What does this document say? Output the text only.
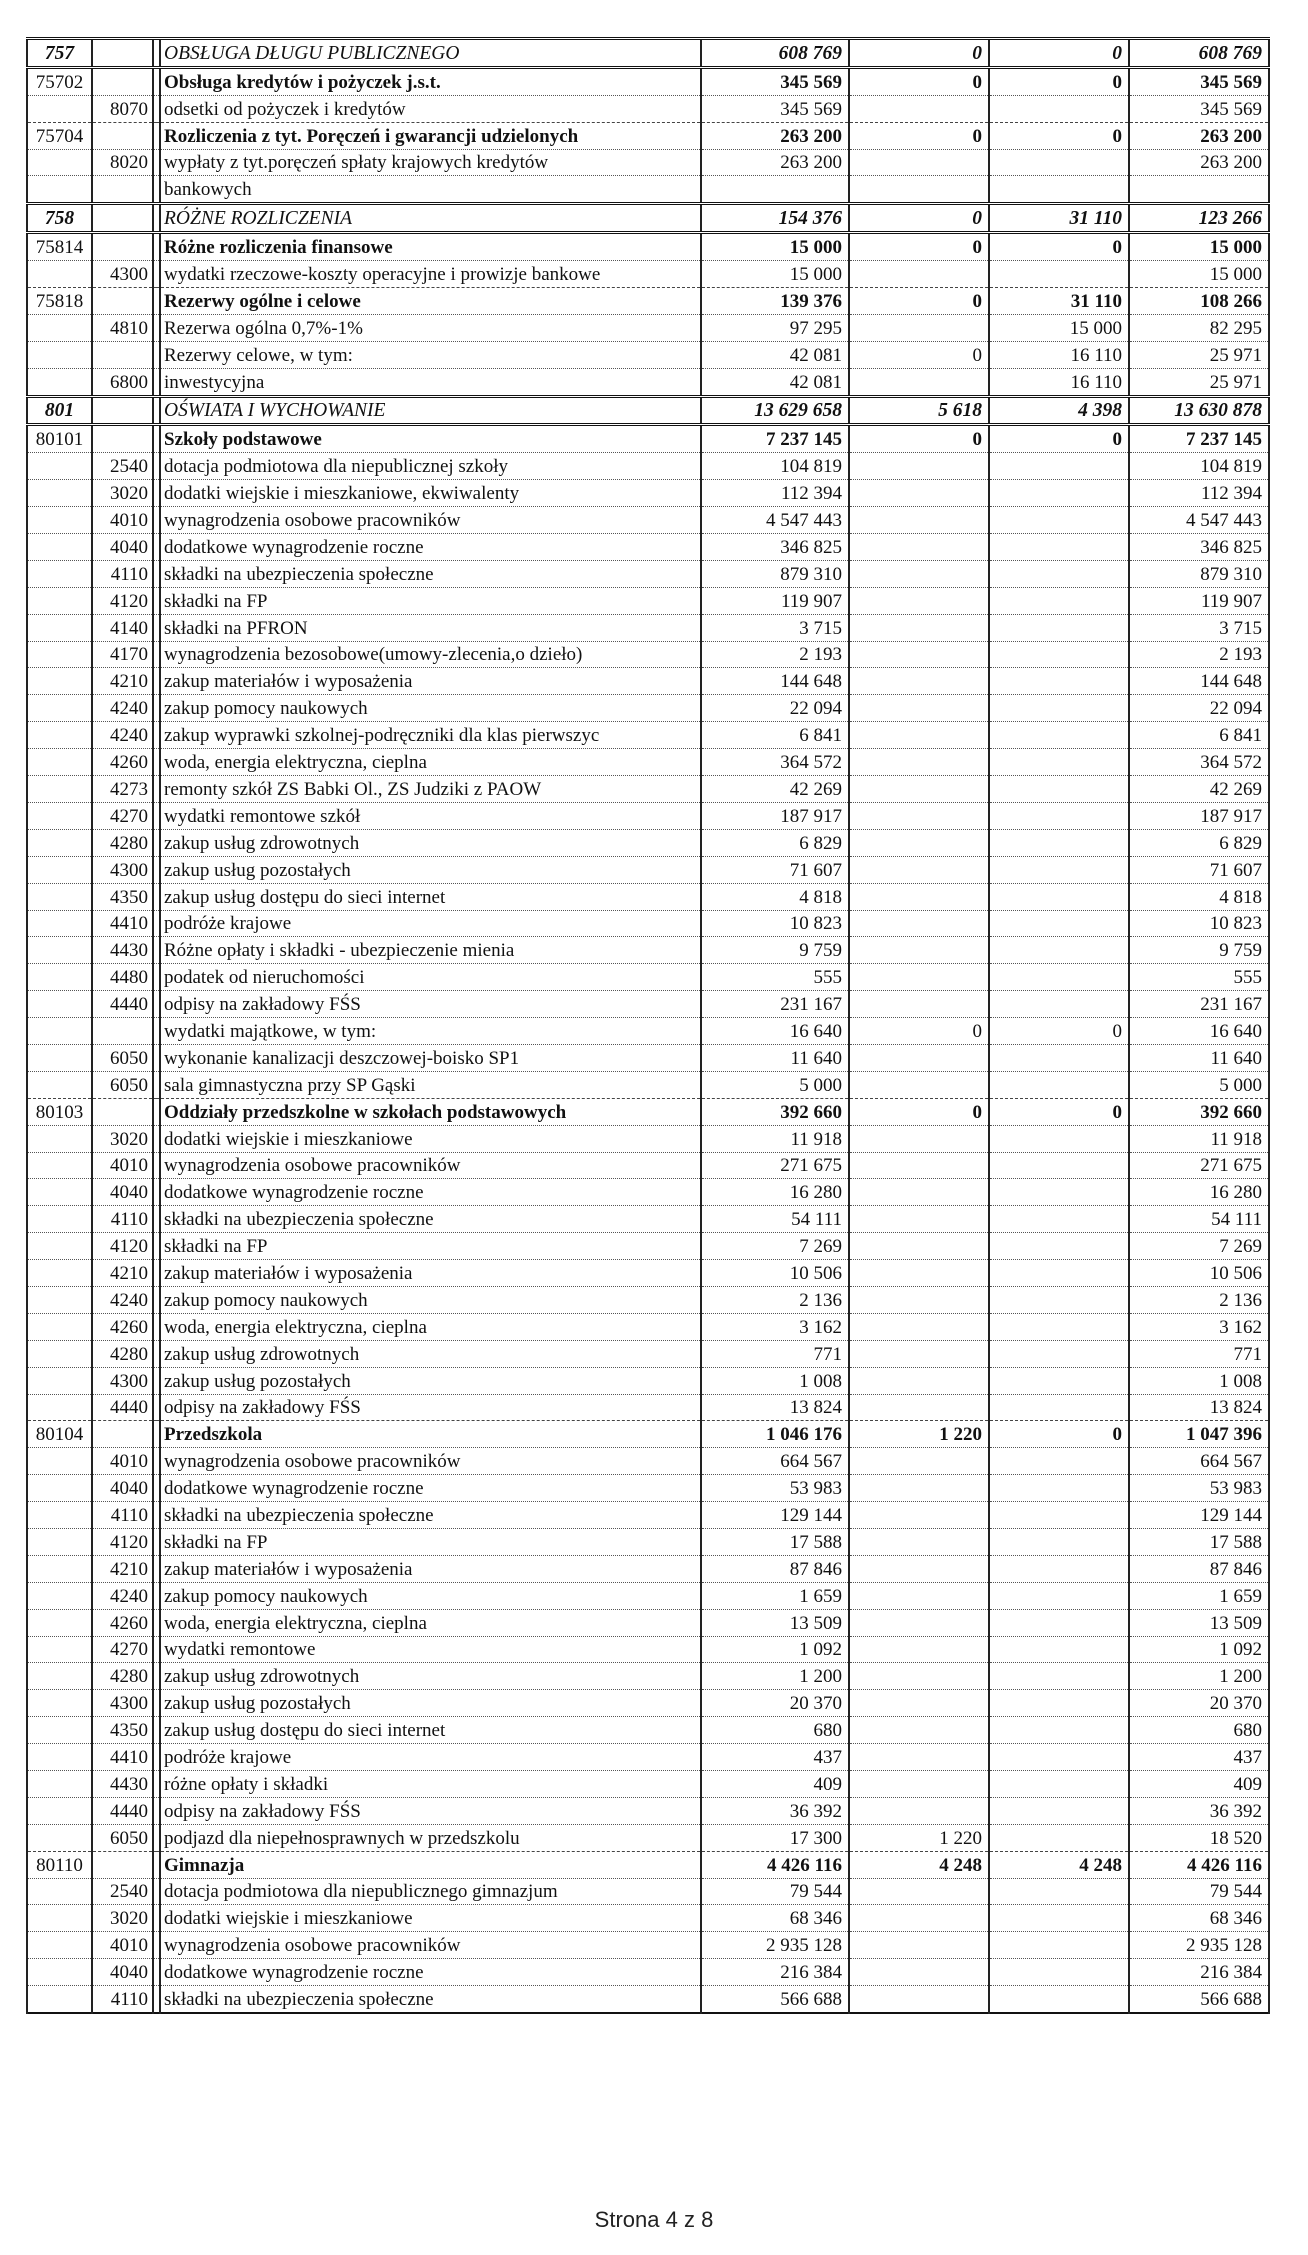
757			OBSŁUGA DŁUGU PUBLICZNEGO	608 769	0	0	608 769
75702			Obsługa kredytów i pożyczek j.s.t.	345 569	0	0	345 569
	8070		odsetki od pożyczek i kredytów	345 569			345 569
75704			Rozliczenia z tyt. Poręczeń i gwarancji udzielonych	263 200	0	0	263 200
	8020		wypłaty z tyt.poręczeń spłaty krajowych kredytów	263 200			263 200
			bankowych				
758			RÓŻNE ROZLICZENIA	154 376	0	31 110	123 266
75814			Różne rozliczenia finansowe	15 000	0	0	15 000
	4300		wydatki rzeczowe-koszty operacyjne i prowizje bankowe	15 000			15 000
75818			Rezerwy ogólne i celowe	139 376	0	31 110	108 266
	4810		Rezerwa ogólna 0,7%-1%	97 295		15 000	82 295
			Rezerwy celowe, w tym:	42 081	0	16 110	25 971
	6800		inwestycyjna	42 081		16 110	25 971
801			OŚWIATA I WYCHOWANIE	13 629 658	5 618	4 398	13 630 878
80101			Szkoły podstawowe	7 237 145	0	0	7 237 145
	2540		dotacja podmiotowa dla niepublicznej szkoły	104 819			104 819
	3020		dodatki wiejskie i mieszkaniowe, ekwiwalenty	112 394			112 394
	4010		wynagrodzenia osobowe pracowników	4 547 443			4 547 443
	4040		dodatkowe wynagrodzenie roczne	346 825			346 825
	4110		składki na ubezpieczenia społeczne	879 310			879 310
	4120		składki na FP	119 907			119 907
	4140		składki na PFRON	3 715			3 715
	4170		wynagrodzenia bezosobowe(umowy-zlecenia,o dzieło)	2 193			2 193
	4210		zakup materiałów i wyposażenia	144 648			144 648
	4240		zakup pomocy naukowych	22 094			22 094
	4240		zakup wyprawki szkolnej-podręczniki dla klas pierwszyc	6 841			6 841
	4260		woda, energia elektryczna, cieplna	364 572			364 572
	4273		remonty szkół ZS Babki Ol., ZS Judziki z PAOW	42 269			42 269
	4270		wydatki remontowe szkół	187 917			187 917
	4280		zakup usług zdrowotnych	6 829			6 829
	4300		zakup usług pozostałych	71 607			71 607
	4350		zakup usług dostępu do sieci internet	4 818			4 818
	4410		podróże krajowe	10 823			10 823
	4430		Różne opłaty i składki - ubezpieczenie mienia	9 759			9 759
	4480		podatek od nieruchomości	555			555
	4440		odpisy na zakładowy FŚS	231 167			231 167
			wydatki majątkowe, w tym:	16 640	0	0	16 640
	6050		wykonanie kanalizacji deszczowej-boisko SP1	11 640			11 640
	6050		sala gimnastyczna przy SP Gąski	5 000			5 000
80103			Oddziały przedszkolne w szkołach podstawowych	392 660	0	0	392 660
	3020		dodatki wiejskie i mieszkaniowe	11 918			11 918
	4010		wynagrodzenia osobowe pracowników	271 675			271 675
	4040		dodatkowe wynagrodzenie roczne	16 280			16 280
	4110		składki na ubezpieczenia społeczne	54 111			54 111
	4120		składki na FP	7 269			7 269
	4210		zakup materiałów i wyposażenia	10 506			10 506
	4240		zakup pomocy naukowych	2 136			2 136
	4260		woda, energia elektryczna, cieplna	3 162			3 162
	4280		zakup usług zdrowotnych	771			771
	4300		zakup usług pozostałych	1 008			1 008
	4440		odpisy na zakładowy FŚS	13 824			13 824
80104			Przedszkola	1 046 176	1 220	0	1 047 396
	4010		wynagrodzenia osobowe pracowników	664 567			664 567
	4040		dodatkowe wynagrodzenie roczne	53 983			53 983
	4110		składki na ubezpieczenia społeczne	129 144			129 144
	4120		składki na FP	17 588			17 588
	4210		zakup materiałów i wyposażenia	87 846			87 846
	4240		zakup pomocy naukowych	1 659			1 659
	4260		woda, energia elektryczna, cieplna	13 509			13 509
	4270		wydatki remontowe	1 092			1 092
	4280		zakup usług zdrowotnych	1 200			1 200
	4300		zakup usług pozostałych	20 370			20 370
	4350		zakup usług dostępu do sieci internet	680			680
	4410		podróże krajowe	437			437
	4430		różne opłaty i składki	409			409
	4440		odpisy na zakładowy FŚS	36 392			36 392
	6050		podjazd dla niepełnosprawnych w przedszkolu	17 300	1 220		18 520
80110			Gimnazja	4 426 116	4 248	4 248	4 426 116
	2540		dotacja podmiotowa dla niepublicznego gimnazjum	79 544			79 544
	3020		dodatki wiejskie i mieszkaniowe	68 346			68 346
	4010		wynagrodzenia osobowe pracowników	2 935 128			2 935 128
	4040		dodatkowe wynagrodzenie roczne	216 384			216 384
	4110		składki na ubezpieczenia społeczne	566 688			566 688
Strona 4 z 8
